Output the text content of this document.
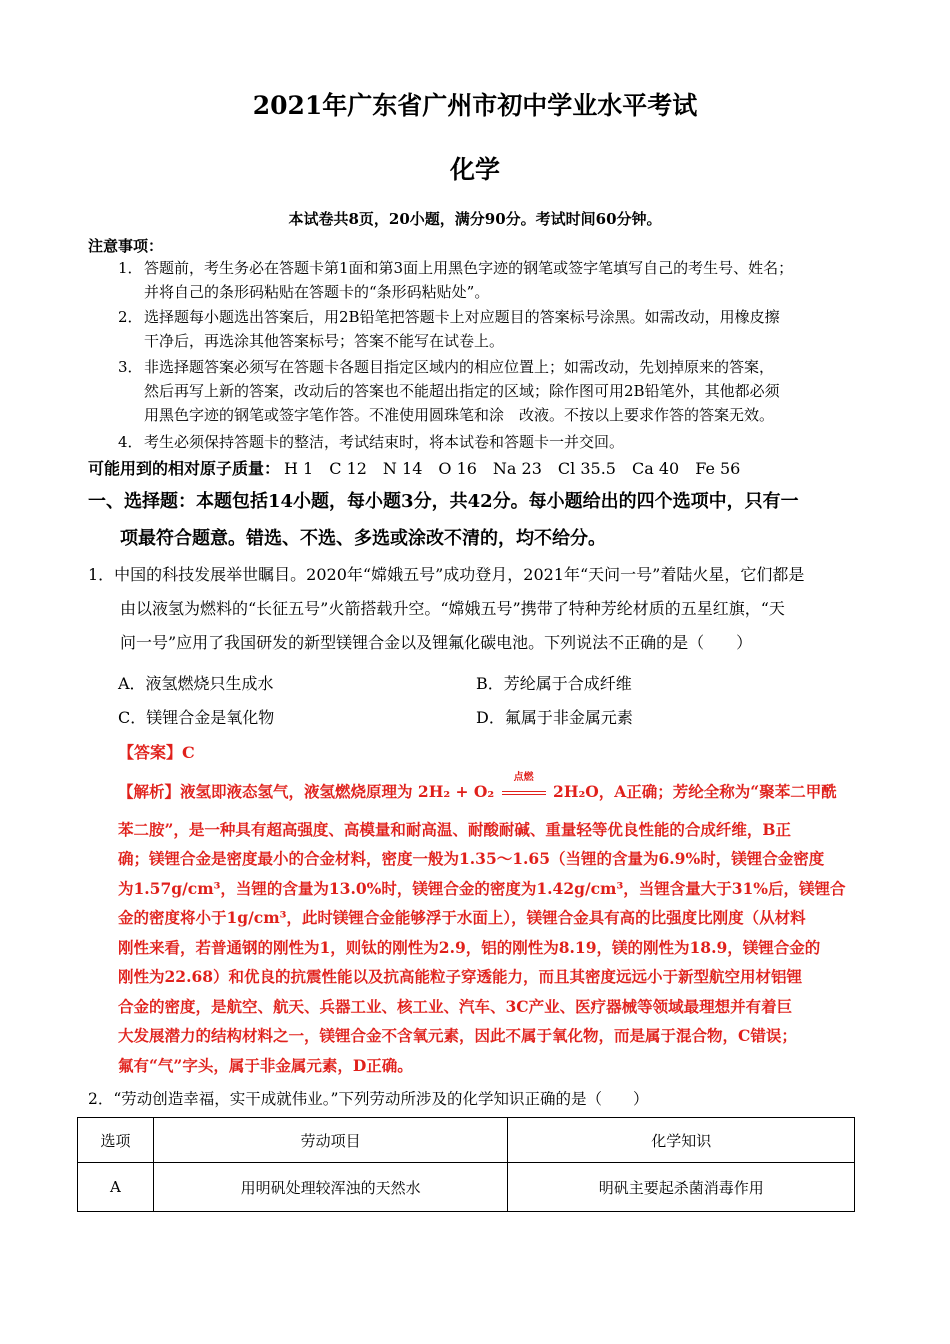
2021年广东省广州市初中学业水平考试
化学
本试卷共8页，20小题，满分90分。考试时间60分钟。
注意事项：
1．答题前，考生务必在答题卡第1面和第3面上用黑色字迹的钢笔或签字笔填写自己的考生号、姓名；
并将自己的条形码粘贴在答题卡的“条形码粘贴处”。
2．选择题每小题选出答案后，用2B铅笔把答题卡上对应题目的答案标号涂黑。如需改动，用橡皮擦
干净后，再选涂其他答案标号；答案不能写在试卷上。
3．非选择题答案必须写在答题卡各题目指定区域内的相应位置上；如需改动，先划掉原来的答案，
然后再写上新的答案，改动后的答案也不能超出指定的区域；除作图可用2B铅笔外，其他都必须
用黑色字迹的钢笔或签字笔作答。不准使用圆珠笔和涂　改液。不按以上要求作答的答案无效。
4．考生必须保持答题卡的整洁，考试结束时，将本试卷和答题卡一并交回。
可能用到的相对原子质量： H 1　C 12　N 14　O 16　Na 23　Cl 35.5　Ca 40　Fe 56
一、选择题：本题包括14小题，每小题3分，共42分。每小题给出的四个选项中，只有一
项最符合题意。错选、不选、多选或涂改不清的，均不给分。
1．中国的科技发展举世瞩目。2020年“嫦娥五号”成功登月，2021年“天问一号”着陆火星，它们都是
由以液氢为燃料的“长征五号”火箭搭载升空。“嫦娥五号”携带了特种芳纶材质的五星红旗，“天
问一号”应用了我国研发的新型镁锂合金以及锂氟化碳电池。下列说法不正确的是（　　）
A．液氢燃烧只生成水	B．芳纶属于合成纤维
C．镁锂合金是氧化物	D．氟属于非金属元素
【答案】C
【解析】液氢即液态氢气，液氢燃烧原理为 2H₂ + O₂
点燃
2H₂O，A正确；芳纶全称为“聚苯二甲酰
苯二胺”，是一种具有超高强度、高模量和耐高温、耐酸耐碱、重量轻等优良性能的合成纤维，B正
确；镁锂合金是密度最小的合金材料，密度一般为1.35～1.65（当锂的含量为6.9%时，镁锂合金密度
为1.57g/cm³，当锂的含量为13.0%时，镁锂合金的密度为1.42g/cm³，当锂含量大于31%后，镁锂合
金的密度将小于1g/cm³，此时镁锂合金能够浮于水面上），镁锂合金具有高的比强度比刚度（从材料
刚性来看，若普通钢的刚性为1，则钛的刚性为2.9，铝的刚性为8.19，镁的刚性为18.9，镁锂合金的
刚性为22.68）和优良的抗震性能以及抗高能粒子穿透能力，而且其密度远远小于新型航空用材铝锂
合金的密度，是航空、航天、兵器工业、核工业、汽车、3C产业、医疗器械等领域最理想并有着巨
大发展潜力的结构材料之一，镁锂合金不含氧元素，因此不属于氧化物，而是属于混合物，C错误；
氟有“气”字头，属于非金属元素，D正确。
2．“劳动创造幸福，实干成就伟业。”下列劳动所涉及的化学知识正确的是（　　）
选项	劳动项目	化学知识
A	用明矾处理较浑浊的天然水	明矾主要起杀菌消毒作用
